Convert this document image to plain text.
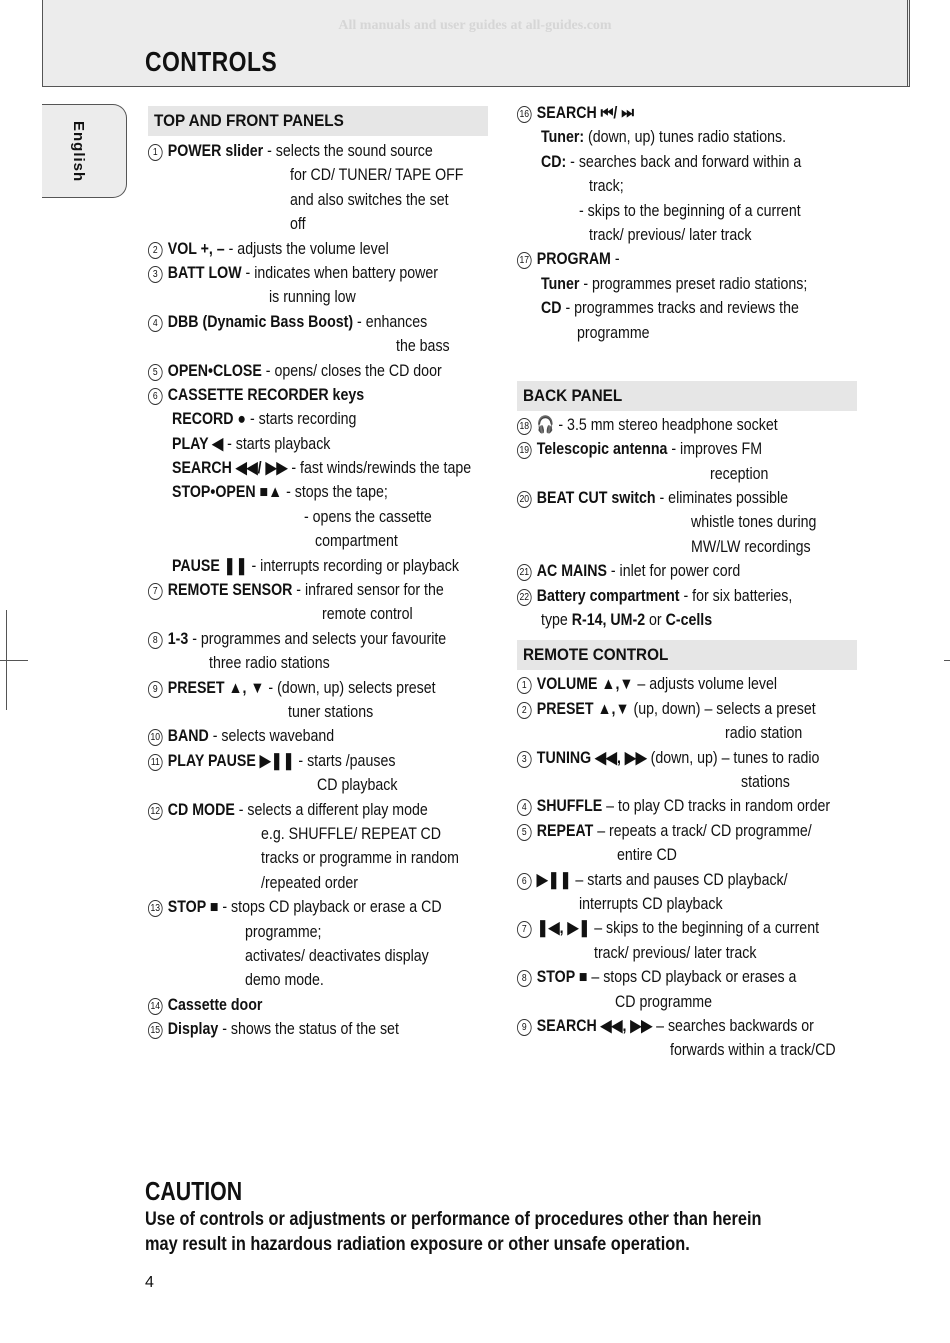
All manuals and user guides at all-guides.com
CONTROLS
English
TOP AND FRONT PANELS
1 POWER slider - selects the sound source
for CD/ TUNER/ TAPE OFF
and also switches the set
off
2 VOL +, – - adjusts the volume level
3 BATT LOW - indicates when battery power
is running low
4 DBB (Dynamic Bass Boost) - enhances
the bass
5 OPEN•CLOSE - opens/ closes the CD door
6 CASSETTE RECORDER keys
RECORD ● - starts recording
PLAY ◀ - starts playback
SEARCH ◀◀/ ▶▶ - fast winds/rewinds the tape
STOP•OPEN ■▲ - stops the tape;
- opens the cassette
compartment
PAUSE ❚❚ - interrupts recording or playback
7 REMOTE SENSOR - infrared sensor for the
remote control
8 1-3 - programmes and selects your favourite
three radio stations
9 PRESET ▲, ▼ - (down, up) selects preset
tuner stations
10 BAND - selects waveband
11 PLAY PAUSE ▶❚❚ - starts /pauses
CD playback
12 CD MODE - selects a different play mode
e.g. SHUFFLE/ REPEAT CD
tracks or programme in random
/repeated order
13 STOP ■ - stops CD playback or erase a CD
programme;
activates/ deactivates display
demo mode.
14 Cassette door
15 Display - shows the status of the set
16 SEARCH ⏮/ ⏭
Tuner: (down, up) tunes radio stations.
CD: - searches back and forward within a
track;
- skips to the beginning of a current
track/ previous/ later track
17 PROGRAM -
Tuner - programmes preset radio stations;
CD - programmes tracks and reviews the
programme
BACK PANEL
18 🎧 - 3.5 mm stereo headphone socket
19 Telescopic antenna - improves FM
reception
20 BEAT CUT switch - eliminates possible
whistle tones during
MW/LW recordings
21 AC MAINS - inlet for power cord
22 Battery compartment - for six batteries,
type R-14, UM-2 or C-cells
REMOTE CONTROL
1 VOLUME ▲,▼ – adjusts volume level
2 PRESET ▲,▼ (up, down) – selects a preset
radio station
3 TUNING ◀◀, ▶▶ (down, up) – tunes to radio
stations
4 SHUFFLE – to play CD tracks in random order
5 REPEAT – repeats a track/ CD programme/
entire CD
6 ▶❚❚ – starts and pauses CD playback/
interrupts CD playback
7 ❚◀, ▶❚ – skips to the beginning of a current
track/ previous/ later track
8 STOP ■ – stops CD playback or erases a
CD programme
9 SEARCH ◀◀, ▶▶ – searches backwards or
forwards within a track/CD
CAUTION
Use of controls or adjustments or performance of procedures other than herein
may result in hazardous radiation exposure or other unsafe operation.
4
